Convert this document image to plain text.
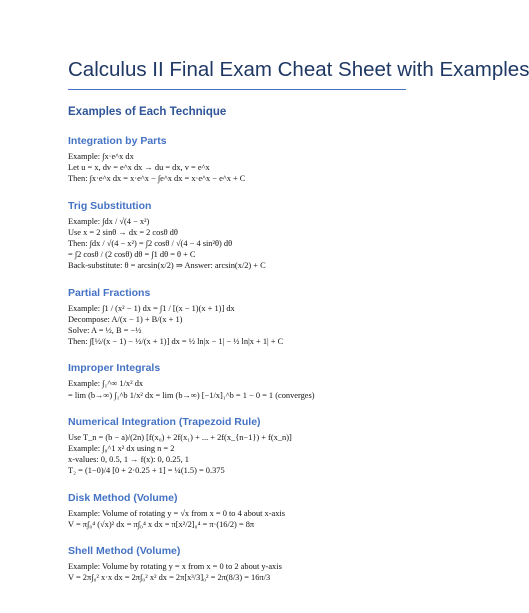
Calculus II Final Exam Cheat Sheet with Examples
Examples of Each Technique
Integration by Parts

Example: ∫x·e^x dx

Let u = x, dv = e^x dx → du = dx, v = e^x

Then: ∫x·e^x dx = x·e^x − ∫e^x dx = x·e^x − e^x + C

Trig Substitution

Example: ∫dx / √(4 − x²)

Use x = 2 sinθ → dx = 2 cosθ dθ

Then: ∫dx / √(4 − x²) = ∫2 cosθ / √(4 − 4 sin²θ) dθ

= ∫2 cosθ / (2 cosθ) dθ = ∫1 dθ = θ + C

Back-substitute: θ = arcsin(x/2) ⇒ Answer: arcsin(x/2) + C

Partial Fractions

Example: ∫1 / (x² − 1) dx = ∫1 / [(x − 1)(x + 1)] dx

Decompose: A/(x − 1) + B/(x + 1)

Solve: A = ½, B = −½

Then: ∫[½/(x − 1) − ½/(x + 1)] dx = ½ ln|x − 1| − ½ ln|x + 1| + C

Improper Integrals

Example: ∫₁^∞ 1/x² dx

= lim (b→∞) ∫₁^b 1/x² dx = lim (b→∞) [−1/x]₁^b = 1 − 0 = 1 (converges)

Numerical Integration (Trapezoid Rule)

Use T_n = (b − a)/(2n) [f(x₀) + 2f(x₁) + ... + 2f(x_{n−1}) + f(x_n)]

Example: ∫₀^1 x² dx using n = 2

x-values: 0, 0.5, 1 → f(x): 0, 0.25, 1

T₂ = (1−0)/4 [0 + 2·0.25 + 1] = ¼(1.5) = 0.375

Disk Method (Volume)

Example: Volume of rotating y = √x from x = 0 to 4 about x-axis

V = π∫₀⁴ (√x)² dx = π∫₀⁴ x dx = π[x²/2]₀⁴ = π·(16/2) = 8π

Shell Method (Volume)

Example: Volume by rotating y = x from x = 0 to 2 about y-axis

V = 2π∫₀² x·x dx = 2π∫₀² x² dx = 2π[x³/3]₀² = 2π(8/3) = 16π/3
